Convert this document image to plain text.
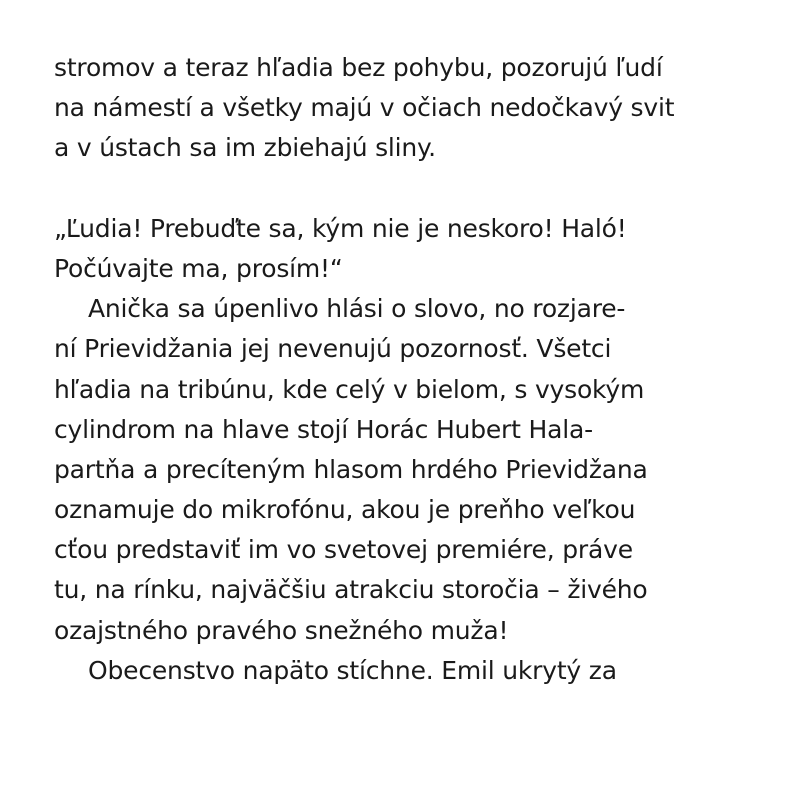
stromov a teraz hľadia bez pohybu, pozorujú ľudí
na námestí a všetky majú v očiach nedočkavý svit
a v ústach sa im zbiehajú sliny.
„Ľudia! Prebuďte sa, kým nie je neskoro! Haló!
Počúvajte ma, prosím!“
Anička sa úpenlivo hlási o slovo, no rozjare-
ní Prievidžania jej nevenujú pozornosť. Všetci
hľadia na tribúnu, kde celý v bielom, s vysokým
cylindrom na hlave stojí Horác Hubert Hala-
partňa a precíteným hlasom hrdého Prievidžana
oznamuje do mikrofónu, akou je preňho veľkou
cťou predstaviť im vo svetovej premiére, práve
tu, na rínku, najväčšiu atrakciu storočia – živého
ozajstného pravého snežného muža!
Obecenstvo napäto stíchne. Emil ukrytý za
